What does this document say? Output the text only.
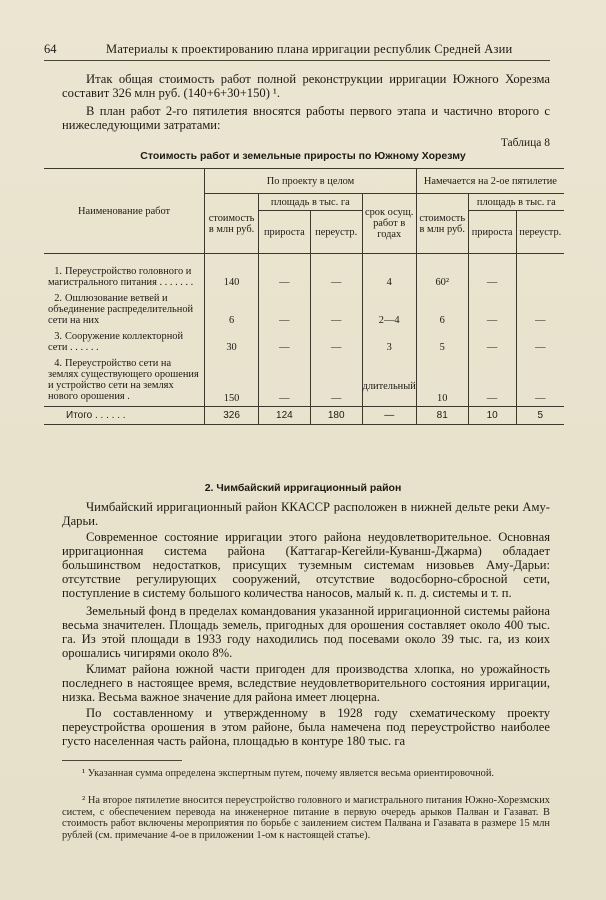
64	Материалы к проектированию плана ирригации республик Средней Азии
Итак общая стоимость работ полной реконструкции ирригации Южного Хорезма составит 326 млн руб. (140+6+30+150) ¹.
В план работ 2-го пятилетия вносятся работы первого этапа и частично второго с нижеследующими затратами:
Таблица 8
Стоимость работ и земельные приросты по Южному Хорезму
Наименование работ	По проекту в целом				Намечается на 2-ое пятилетие		
	стоимость в млн руб.	площадь в тыс. га		срок осущ. работ в годах	стоимость в млн руб.	площадь в тыс. га	
		прироста	переустр.			прироста	переустр.
1. Переустройство головного и магистрального питания . . . . . . .	140	—	—	4	60²	—	
2. Ошлюзование ветвей и объединение распределительной сети на них	6	—	—	2—4	6	—	—
3. Сооружение коллекторной сети . . . . . .	30	—	—	3	5	—	—
4. Переустройство сети на землях существующего орошения и устройство сети на землях нового орошения .	150	—	—	длительный	10	—	—
Итого . . . . . .	326	124	180	—	81	10	5
2. Чимбайский ирригационный район
Чимбайский ирригационный район ККАССР расположен в нижней дельте реки Аму-Дарьи.
Современное состояние ирригации этого района неудовлетворительное. Основная ирригационная система района (Каттагар-Кегейли-Куванш-Джарма) обладает большинством недостатков, присущих туземным системам низовьев Аму-Дарьи: отсутствие регулирующих сооружений, отсутствие водосборно-сбросной сети, поступление в систему большого количества наносов, малый к. п. д. системы и т. п.
Земельный фонд в пределах командования указанной ирригационной системы района весьма значителен. Площадь земель, пригодных для орошения составляет около 400 тыс. га. Из этой площади в 1933 году находились под посевами около 39 тыс. га, из коих орошались чигирями около 8%.
Климат района южной части пригоден для производства хлопка, но урожайность последнего в настоящее время, вследствие неудовлетворительного состояния ирригации, низка. Весьма важное значение для района имеет люцерна.
По составленному и утвержденному в 1928 году схематическому проекту переустройства орошения в этом районе, была намечена под переустройство наиболее густо населенная часть района, площадью в контуре 180 тыс. га
¹ Указанная сумма определена экспертным путем, почему является весьма ориентировочной.
² На второе пятилетие вносится переустройство головного и магистрального питания Южно-Хорезмских систем, с обеспечением перевода на инженерное питание в первую очередь арыков Палван и Газават. В стоимость работ включены мероприятия по борьбе с заилением систем Палвана и Газавата в размере 15 млн рублей (см. примечание 4-ое в приложении 1-ом к настоящей статье).
